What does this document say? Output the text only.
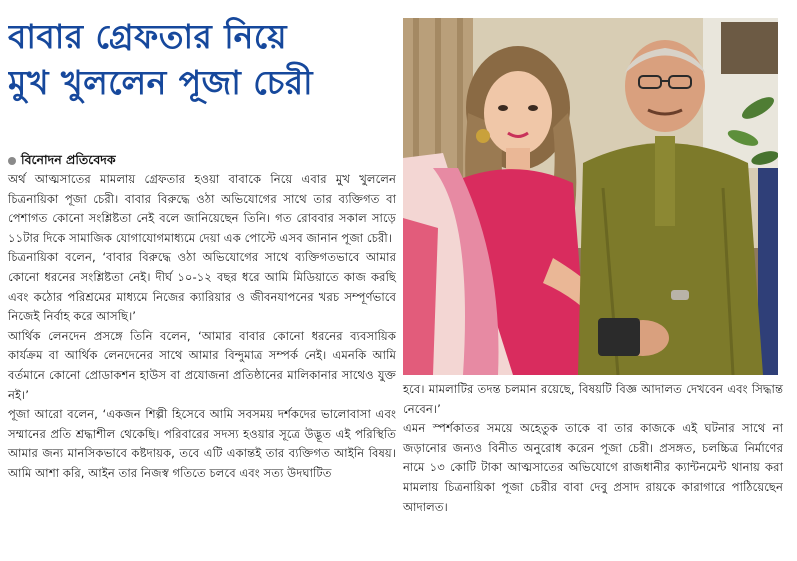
বাবার গ্রেফতার নিয়ে
মুখ খুললেন পূজা চেরী
বিনোদন প্রতিবেদক

অর্থ আত্মসাতের মামলায় গ্রেফতার হওয়া বাবাকে নিয়ে এবার মুখ খুললেন চিত্রনায়িকা পূজা চেরী। বাবার বিরুদ্ধে ওঠা অভিযোগের সাথে তার ব্যক্তিগত বা পেশাগত কোনো সংশ্লিষ্টতা নেই বলে জানিয়েছেন তিনি। গত রোববার সকাল সাড়ে ১১টার দিকে সামাজিক যোগাযোগমাধ্যমে দেয়া এক পোস্টে এসব জানান পূজা চেরী।

চিত্রনায়িকা বলেন, ‘বাবার বিরুদ্ধে ওঠা অভিযোগের সাথে ব্যক্তিগতভাবে আমার কোনো ধরনের সংশ্লিষ্টতা নেই। দীর্ঘ ১০-১২ বছর ধরে আমি মিডিয়াতে কাজ করছি এবং কঠোর পরিশ্রমের মাধ্যমে নিজের ক্যারিয়ার ও জীবনযাপনের খরচ সম্পূর্ণভাবে নিজেই নির্বাহ করে আসছি।’

আর্থিক লেনদেন প্রসঙ্গে তিনি বলেন, ‘আমার বাবার কোনো ধরনের ব্যবসায়িক কার্যক্রম বা আর্থিক লেনদেনের সাথে আমার বিন্দুমাত্র সম্পর্ক নেই। এমনকি আমি বর্তমানে কোনো প্রোডাকশন হাউস বা প্রযোজনা প্রতিষ্ঠানের মালিকানার সাথেও যুক্ত নই।’

পূজা আরো বলেন, ‘একজন শিল্পী হিসেবে আমি সবসময় দর্শকদের ভালোবাসা এবং সম্মানের প্রতি শ্রদ্ধাশীল থেকেছি। পরিবারের সদস্য হওয়ার সূত্রে উদ্ভূত এই পরিস্থিতি আমার জন্য মানসিকভাবে কষ্টদায়ক, তবে এটি একান্তই তার ব্যক্তিগত আইনি বিষয়। আমি আশা করি, আইন তার নিজস্ব গতিতে চলবে এবং সত্য উদঘাটিত

হবে। মামলাটির তদন্ত চলমান রয়েছে, বিষয়টি বিজ্ঞ আদালত দেখবেন এবং সিদ্ধান্ত নেবেন।’

এমন স্পর্শকাতর সময়ে অহেতুক তাকে বা তার কাজকে এই ঘটনার সাথে না জড়ানোর জন্যও বিনীত অনুরোধ করেন পূজা চেরী। প্রসঙ্গত, চলচ্চিত্র নির্মাণের নামে ১৩ কোটি টাকা আত্মসাতের অভিযোগে রাজধানীর ক্যান্টনমেন্ট থানায় করা মামলায় চিত্রনায়িকা পূজা চেরীর বাবা দেবু প্রসাদ রায়কে কারাগারে পাঠিয়েছেন আদালত।
